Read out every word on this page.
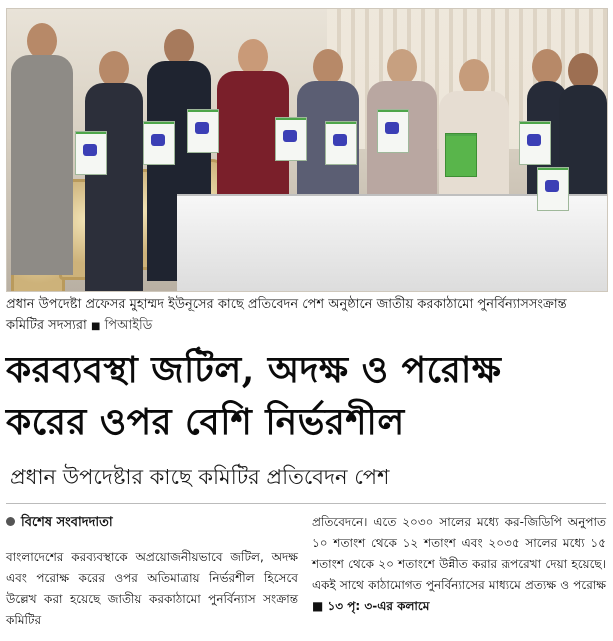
প্রধান উপদেষ্টা প্রফেসর মুহাম্মদ ইউনূসের কাছে প্রতিবেদন পেশ অনুষ্ঠানে জাতীয় করকাঠামো পুনর্বিন্যাসসংক্রান্ত কমিটির সদস্যরা ■ পিআইডি
করব্যবস্থা জটিল, অদক্ষ ও পরোক্ষ
করের ওপর বেশি নির্ভরশীল
প্রধান উপদেষ্টার কাছে কমিটির প্রতিবেদন পেশ
বিশেষ সংবাদদাতা
বাংলাদেশের করব্যবস্থাকে অপ্রয়োজনীয়ভাবে জটিল, অদক্ষ এবং পরোক্ষ করের ওপর অতিমাত্রায় নির্ভরশীল হিসেবে উল্লেখ করা হয়েছে জাতীয় করকাঠামো পুনর্বিন্যাস সংক্রান্ত কমিটির
প্রতিবেদনে। এতে ২০৩০ সালের মধ্যে কর-জিডিপি অনুপাত ১০ শতাংশ থেকে ১২ শতাংশ এবং ২০৩৫ সালের মধ্যে ১৫ শতাংশ থেকে ২০ শতাংশে উন্নীত করার রূপরেখা দেয়া হয়েছে। একই সাথে কাঠামোগত পুনর্বিন্যাসের মাধ্যমে প্রত্যক্ষ ও পরোক্ষ ■ ১৩ পৃ: ৩-এর কলামে
